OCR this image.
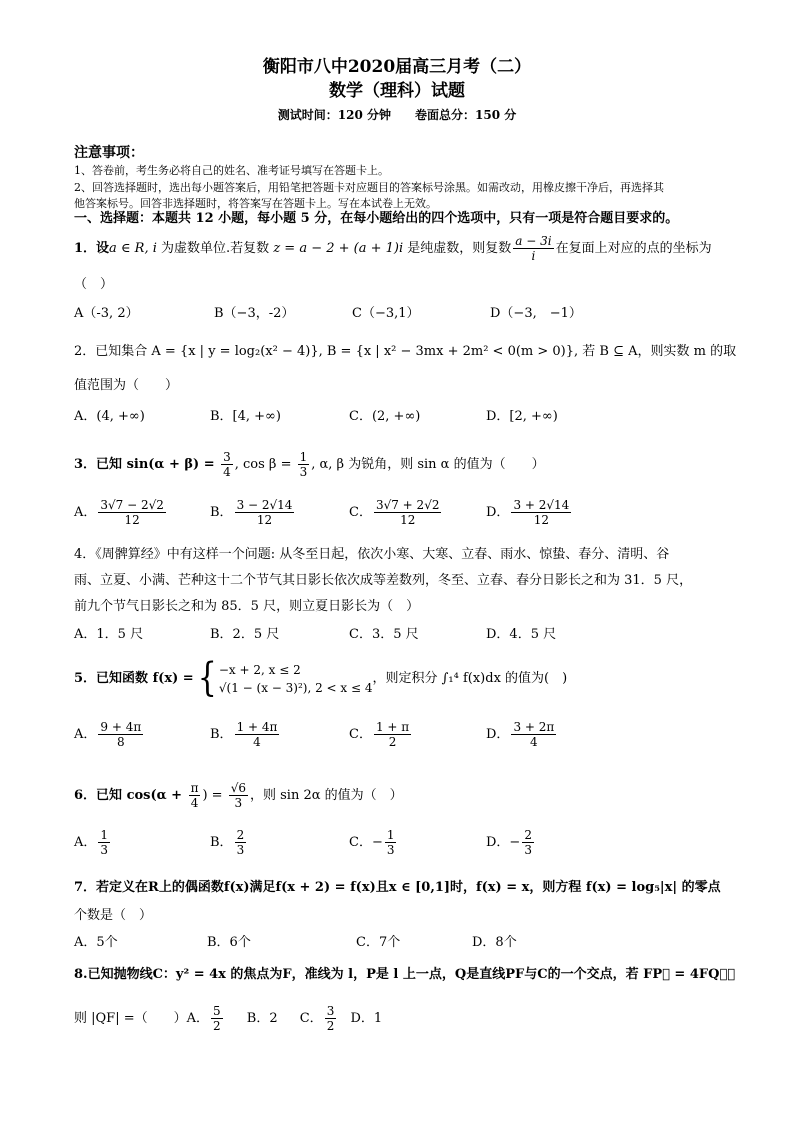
衡阳市八中2020届高三月考（二）
数学（理科）试题
测试时间：120 分钟　　卷面总分：150 分
注意事项：
1、答卷前，考生务必将自己的姓名、准考证号填写在答题卡上。
2、回答选择题时，选出每小题答案后，用铅笔把答题卡对应题目的答案标号涂黑。如需改动，用橡皮擦干净后，再选择其
他答案标号。回答非选择题时，将答案写在答题卡上。写在本试卷上无效。
一、选择题：本题共 12 小题，每小题 5 分，在每小题给出的四个选项中，只有一项是符合题目要求的。
1．设a ∈ R, i 为虚数单位.若复数 z = a − 2 + (a + 1)i 是纯虚数，则复数 $\frac{a - 3i}{i}$ 在复面上对应的点的坐标为
（　）
A（-3, 2）	B（−3，-2）	C（−3,1）	D（−3,　−1）
2．已知集合 A = {x | y = log₂(x² − 4)}, B = {x | x² − 3mx + 2m² < 0(m > 0)}, 若 B ⊆ A，则实数 m 的取
值范围为（　　）
A．(4, +∞)	B．[4, +∞)	C．(2, +∞)	D．[2, +∞)
3．已知 $\sin(\alpha + \beta) = \frac{3}{4}$ , $\cos \beta = \frac{1}{3}$ , α, β 为锐角，则 sin α 的值为（　　）
A． $\frac{3√7 - 2√2}{12}$	B． $\frac{3 - 2√14}{12}$	C． $\frac{3√7 + 2√2}{12}$	D． $\frac{3 + 2√14}{12}$
4．《周髀算经》中有这样一个问题: 从冬至日起，依次小寒、大寒、立春、雨水、惊蛰、春分、清明、谷
雨、立夏、小满、芒种这十二个节气其日影长依次成等差数列，冬至、立春、春分日影长之和为 31．5 尺，
前九个节气日影长之和为 85．5 尺，则立夏日影长为（　）
A．1．5 尺	B．2．5 尺	C．3．5 尺	D．4．5 尺
5．已知函数 f(x) = { −x + 2, x ≤ 2
√(1 − (x − 3)²), 2 < x ≤ 4
，则定积分 ∫₁⁴ f(x)dx 的值为(　)
A． $\frac{9 + 4\pi}{8}$	B． $\frac{1 + 4\pi}{4}$	C． $\frac{1 + \pi}{2}$	D． $\frac{3 + 2\pi}{4}$
6．已知 $\cos(\alpha + \frac{\pi}{4}$ ) = $\frac{√6}{3}$ ，则 sin 2α 的值为（　）
A． $\frac{1}{3}$	B． $\frac{2}{3}$	C．− $\frac{1}{3}$	D．− $\frac{2}{3}$
7．若定义在R上的偶函数f(x)满足f(x + 2) = f(x)且x ∈ [0,1]时，f(x) = x，则方程 f(x) = log₅|x| 的零点
个数是（　）
A．5个	B．6个	C．7个	D．8个
8.已知抛物线C：y² = 4x 的焦点为F，准线为 l，P是 l 上一点，Q是直线PF与C的一个交点，若 FP⃗ = 4FQ⃗，
则 |QF| =（　　）A． $\frac{5}{2}$ B．2 C． $\frac{3}{2}$ D．1
